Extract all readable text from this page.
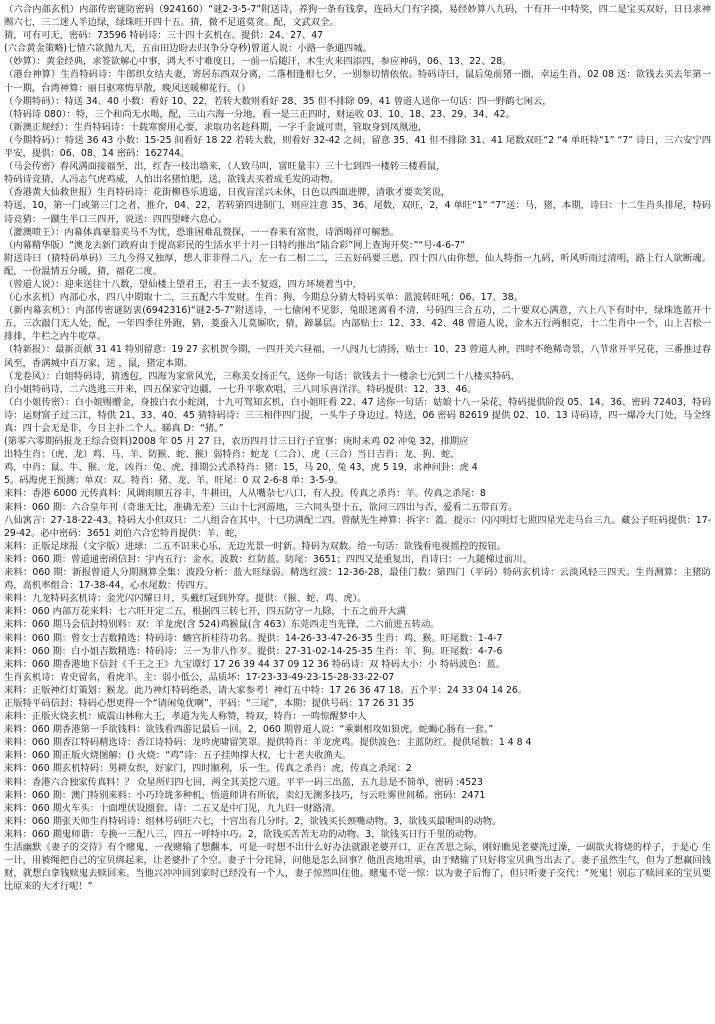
（六合内部玄机）内部传密谜防密码（924160）“谜2-3-5-7”附送诗，养狗一条有钱拿，连码大门有字摸，易经妙算八九码，十有开一中特奖，四二是宝买双好，日日求神赐六七，三二迷人半边绿，绿珠旺开四十五。猜，微不足道莫贪。配，文武双全。

猜，可有可无，密码：73596 特码诗：三十四十玄机在。提供：24、27、47

(六合黄金策略)七情六欲抛九天，五亩田边盼去归(争分夺秒)曾道人说：小路一条通四城。

（妙算）：黄金经典，求签欲解心中事，鸿大不寸难度日，一前一后随汗，木生火来四添四，参应神码，06、13、22、28。

（港台神算）生肖特码诗：牛郎织女结夫妻，寄居东西双分离，二落相逢相七夕，一别参切情依依。特码诗曰，鼠后兔前猪一圈，幸运生肖，02 08 送：欲钱去买去年第一十一期，台湾神算：丽日驱寒悔早散，晚风送暖柳花行。（）

（今期特码）：特送 34、40 小数：看好 10、22，若转大数则看好 28、35 但不排除 09、41 曾道人送你一句话：四一野鹤七闲云，

（特码诗 080）：特，三个和尚无水喝，配，三山六海一分地，看一是三正四时，财运收 03、10、18、23、29、34、42。

（新澳正规经）：生肖特码诗：十载寒窗用心要，求取功名趁科期，一字千金诚可贵，管取身到凤凰池，

（今期特码）：特送 36 43 小数：15-25 间看好 18 22 若转大数，则看好 32-42 之间，留意 35、41 但不排除 31、41 尾数双旺“2 “4 单旺特“1” “7” 诗日，三六安宁四平安，提供：06、08、14 密码：162744。

（马会传密）春风满面接福至，出，红杏一枝出墙来，（人致马叫，富旺量丰）三十七到四一楼转三楼看鼠，

特码诗竞猜，人冯志气虎鸡威，人怕出名猪怕肥，送，欲钱去买着成毛发的动物。

（香港黄大仙救世报）生肖特码诗：花街柳巷乐逍遥，日夜盲淫兴未休，日色以西面进牌，清歌才要卖笑说，

特送，10，第一门或第三门之者，推介，04、22，若转第四进制门，则应注意 35、36、尾数，双旺，2，4 单旺“1” “7”送：马，猪，本期，诗曰：十二生肖头排尾，特码诗竞猜：一蹴生半口三四开，说送：四四望峰六息心。

（灌澳喷王）：内幕体真豪翁夹马不为忧，恐谁困难乱赞探，一一春来有富贵，诗酒喝祥可解愁。

（内幕精华版）“澳龙去新门政府由于提高彩民的生活水平十月一日特约推出“陆合彩”网上查询开奖：”“号-4-6-7”

附送诗曰（猜特码单码）三九今得又独厚，想人非非得二八，左一右二相二二，三五好码要三恩，四十四八由你想，仙人特指一九码，听风听雨过清明，路上行人欲断魂。配，一份温情五分暖，猜，福花二度。

（曾道人说）：迎来送往十八数，望仙楼上望君王，君王一去不复返，四方环境着当中，

（心水玄机）内部心水，四八中期取十二，三五配六牛发财。生肖：狗，今期总分猜大特码买单：蓝波转旺吼：06、17、38。

（新内幕玄机）：内部传密谜防衷(6942316)“谜2-5-7”附送诗，一七偷闲不见影，兔眼迷离看不清，号码四三合五功，二十要双心满意，六上八下有时中，绿珠选蓝开十五，三次敲门无人处，配，一年四季往外跑，猜，菱蚕入儿莫厮吹，猜，蹄暴层。内部贴士：12、33、42、48 曾道人说，金木五行两相克，十二生肖中一个，山上吉松一排排，牛栏之内牛吃草。

（特新报）：最新贡献 31 41 特别留意：19 27 玄机贺今期，一四开关六昼福，一八闯九七清扬，贴士：10、23 曾道人神，四时不绝稀奇景，八节常开平兄花，三番推过春风至，香满城中百万家，送 ，鼠，猪定本期。

（龙卷风）：白姐特码诗，猜透包，四海为家常风光，三称美女扬正气，送你一句话：欲钱去十一楼余七元到二十八楼买特码，

白小姐特码诗，二六选逃三开来，四五保家守边疆，一七升平歌欢唱，三八同乐喜洋洋。特码提供：12、33、46。

（白小姐传密）：白小姐赐赠金，身披白衣小蛇浏，十九可驾知玄机，白小姐旺看 22、47 送你一句话：姑娘十八一朵花，特码提供阶段 05、14、36、密码 72403，特码诗：运财富子过三江，特供 21、33、40、45 猜特码诗：三三相伴四门捉，一头牛子身边过。特送，06 密码 82619 提供 02、10、13 诗码诗，四一爆冷大门处，马全终真：四十会无是非，今日主扑二个人。睇真 D：“猪。”

(第零六零期码报龙王综合资料)2008 年 05 月 27 日，农历四月廿三日行子宜事：庚时未鸡 02 冲兔 32，排期应

出特生肖：（虎、龙）鸡、马、羊、防猴、蛇、猴）弱特肖：蛇龙（二合）、虎（三合）当日吉肖：龙、狗、蛇、

鸡，中肖：鼠、牛、猴、龙，凶肖：兔、虎、排期公式杀特肖：猪：15，马 20，兔 43，虎 5 19，求神问卦：虎 4

5。码海虎王预测：单双：双。特肖：猪、龙、羊。旺尾：0 双 2-6-8 单：3-5-9。

来料：香港 6000 元传真料：风调雨顺五谷丰，牛耕田，人从嘴杂七八口，有人投。传真之杀肖：羊。传真之杀尾：8

来料：060 期：六合皇年刊（奇谁无比，准确无差）三山十七河游地，三六同头望十五，欲问三四出与否，爱看二五带百芳。

八仙寓言：27-18-22-43。特码大小但双只：二八组合在其中，十已功满配二四。曾献先生神算：拆字：蓋。提示：闪闪明灯七照四星光走马台三九。藏公子旺码提供：17-29-42。必中密码：3651 刘伯六合宏特肖提供：羊、蛇，

来料：正版足球报（文字版）进球：二五不识来心乐，无边光景一时新。特码为双数。给一句话：欲钱看电视摇控的按钮。

来料：060 期：曾道通密函信封：宇内五行：金水。波数：红防蓝。防尾：3651；四四又是重复出，肖诗曰：一九随梯过前川。

来料：060 期：新报曾道人分期测算全集：波段分析：蓝大旺绿弱。精选红波：12-36-28，最佳门数：第四门（平码）特码玄机诗：云淡风轻三四天。生肖测算：主猪防鸡，高机率组合：17-38-44，心水尾数：传四方。

来料：九龙特码玄机诗：金光闪闪耀日月，头戴红冠到外穿。提供：（猴、蛇、鸡、虎）。

来料：060 内部万花来料：七六旺开定二五，根据四三转七开，四五防守一九除，十五之前开大满

来料：060 期马会信封特别料：双：羊龙虎(含 524)鸡猴鼠(含 463）东莞西走当先锋，二六前进五转动。

来料：060 期：曾女士吉数精选：特码诗：蟾宫折桂待功名。提供：14-26-33-47-26-35 生肖：鸡、猴。旺尾数：1-4-7

来料：060 期：白小姐吉数精选：特码诗：三一为非八作歹。提供：27-31-02-14-25-35 生肖：羊、狗。旺尾数：4-7-6

来料：060 期香港地下信封《千王之王》九宝谭灯 17 26 39 44 37 09 12 36 特码诗：双 特码大小：小 特码波色：蓝。

生肖玄机诗：青史留名，看虎羊。主：弱小低公，品质坏：17-23-33-49-23-15-28-33-22-07

来料：正版神灯灯策划：猴龙。此乃神灯特码绝杀，请大家参考！神灯五中特：17 26 36 47 18。五个平：24 33 04 14 26。

正版特平码信封：特码心想更得一个“请闲兔优啊”，平码：“三尾”，本期：提供号码：17 26 31 35

来料：正版火烧玄机：威震山林称大王，孝道为先人称赞，特双，特肖：一鸣惊醒梦中人

来料：060 期香港第一手欲钱料：欲钱看西游记最后一回。2，060 期曾道人说：“乘剿相攻如狼虎，蛇蝎心肠有一套。”

来料：060 期香江特码精选诗：香江诗特码：龙吟虎啸留笑罩。提供特肖：羊龙虎鸡。提供波色：主蓝防红。提供尾数：1 4 8 4

来料：060 期正版火烧图解：() 火烧：“鸡”诗：五子挂帅撑大权，七十老夫收渔夫。

来料：060 期玄机特码：男耕女织，好家门，四时顺利，乐一生。传真之杀肖：虎，传真之杀尾：2

来料：香港六合独家传真料！？ 众星所归四七回，两全其美挖六道。平平一码三出蓝，五九总是不简单，密码 :4523

来料：060 期：澳门特别来料：小巧玲珑多种机，悟道师讲有所依，卖幻无测多技巧，与云吐雾世间稀。密码：2471

来料：060 期火车头：十面埋伏设圈套。诗：二五又是中门见，九九归一财路清。

来料：060 期张天师生肖特码诗：组林号码旺六七，十宫出有几分时。2，欲钱买长颈嘴动物。3，欲钱买最喔叫的动物。

来料：060 期鬼师谐：专换一三配八三，四五一呼特中巧。2，欲钱买苦苦无功的动物。3，欲钱买日行千里的动物。

生活幽默《妻子的交待》有个赌鬼，一夜赌输了想翻本，可是一时想不出什么好办法就跟老婆开口，正在苦思之际，刚好瞧见老婆洗过澡，一副欲火将烧的样子，于是心 生一计，用被绳把自己的宝贝绑起来，让老婆扑了个空。妻子十分诧异，问他是怎么回事？他沮丧地坦承，由于赌输了只好将宝贝典当出去了。妻子虽然生气，但为了想赢回钱财，就想白拿钱赎鬼去赎回来。当他兴冲冲回到家时已经没有一个人，妻子惊然叫住他。赌鬼不觉一惊：以为妻子后悔了，但只听妻子交代：“死鬼！别忘了赎回来的宝贝要比原来的大才行呢！”
